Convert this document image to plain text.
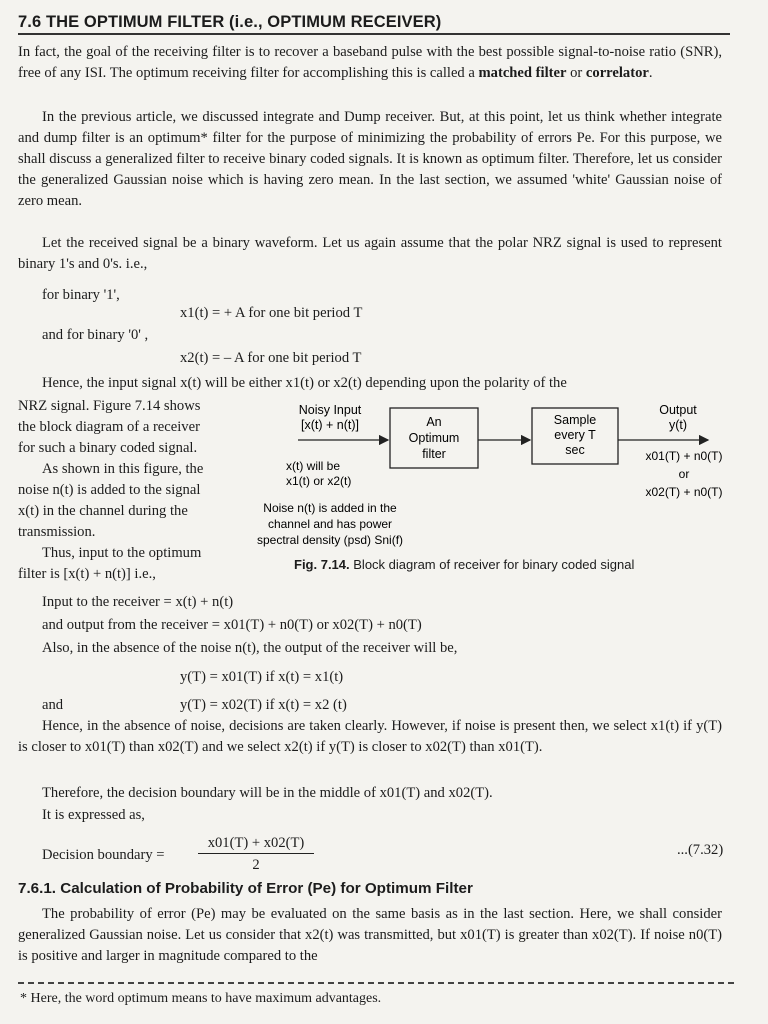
7.6 THE OPTIMUM FILTER (i.e., OPTIMUM RECEIVER)
In fact, the goal of the receiving filter is to recover a baseband pulse with the best possible signal-to-noise ratio (SNR), free of any ISI. The optimum receiving filter for accomplishing this is called a matched filter or correlator.
In the previous article, we discussed integrate and Dump receiver. But, at this point, let us think whether integrate and dump filter is an optimum* filter for the purpose of minimizing the probability of errors Pe. For this purpose, we shall discuss a generalized filter to receive binary coded signals. It is known as optimum filter. Therefore, let us consider the generalized Gaussian noise which is having zero mean. In the last section, we assumed 'white' Gaussian noise of zero mean.
Let the received signal be a binary waveform. Let us again assume that the polar NRZ signal is used to represent binary 1's and 0's. i.e.,
for binary '1',
x1(t) = + A for one bit period T
and for binary '0' ,
x2(t) = – A for one bit period T
Hence, the input signal x(t) will be either x1(t) or x2(t) depending upon the polarity of the
NRZ signal. Figure 7.14 shows
the block diagram of a receiver
for such a binary coded signal.
As shown in this figure, the
noise n(t) is added to the signal
x(t) in the channel during the
transmission.
Thus, input to the optimum
filter is [x(t) + n(t)] i.e.,
Noisy Input
[x(t) + n(t)]	An
Optimum
filter
Sample
every T
sec
Output
y(t)
x01(T) + n0(T)
or
x02(T) + n0(T)
x(t) will be
x1(t) or x2(t)
Noise n(t) is added in the
channel and has power
spectral density (psd) Sni(f)
Fig. 7.14. Block diagram of receiver for binary coded signal
Input to the receiver = x(t) + n(t)
and output from the receiver = x01(T) + n0(T) or x02(T) + n0(T)
Also, in the absence of the noise n(t), the output of the receiver will be,
y(T) = x01(T) if x(t) = x1(t)
and	y(T) = x02(T) if x(t) = x2 (t)
Hence, in the absence of noise, decisions are taken clearly. However, if noise is present then, we select x1(t) if y(T) is closer to x01(T) than x02(T) and we select x2(t) if y(T) is closer to x02(T) than x01(T).
Therefore, the decision boundary will be in the middle of x01(T) and x02(T).
It is expressed as,
Decision boundary = $\frac{x01(T) + x02(T)}{2}$	...(7.32)
7.6.1. Calculation of Probability of Error (Pe) for Optimum Filter
The probability of error (Pe) may be evaluated on the same basis as in the last section. Here, we shall consider generalized Gaussian noise. Let us consider that x2(t) was transmitted, but x01(T) is greater than x02(T). If noise n0(T) is positive and larger in magnitude compared to the
* Here, the word optimum means to have maximum advantages.
